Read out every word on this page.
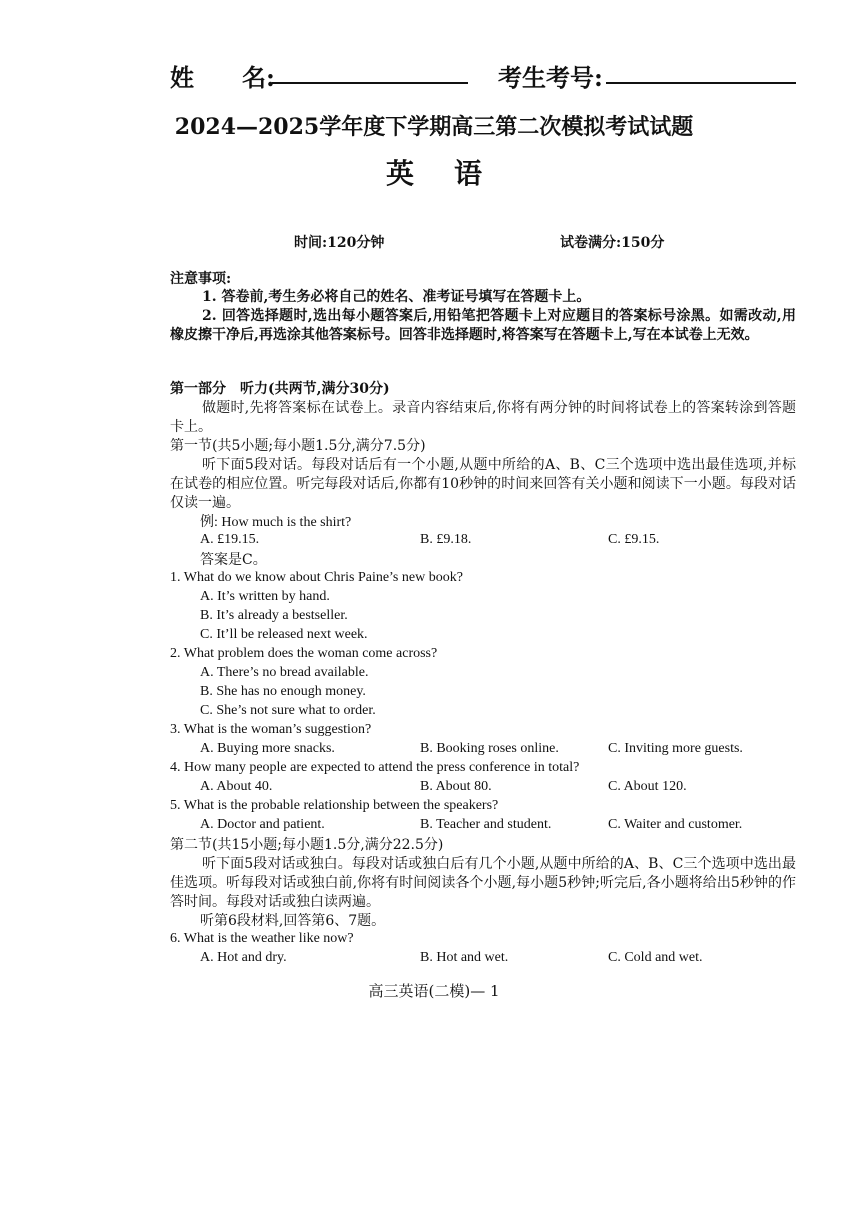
姓　　名:	考生考号:
2024—2025学年度下学期高三第二次模拟考试试题
英语
时间:120分钟	试卷满分:150分
注意事项:
1. 答卷前,考生务必将自己的姓名、准考证号填写在答题卡上。
2. 回答选择题时,选出每小题答案后,用铅笔把答题卡上对应题目的答案标号涂黑。如需改动,用橡皮擦干净后,再选涂其他答案标号。回答非选择题时,将答案写在答题卡上,写在本试卷上无效。
第一部分　听力(共两节,满分30分)
做题时,先将答案标在试卷上。录音内容结束后,你将有两分钟的时间将试卷上的答案转涂到答题卡上。
第一节(共5小题;每小题1.5分,满分7.5分)
听下面5段对话。每段对话后有一个小题,从题中所给的A、B、C三个选项中选出最佳选项,并标在试卷的相应位置。听完每段对话后,你都有10秒钟的时间来回答有关小题和阅读下一小题。每段对话仅读一遍。
例: How much is the shirt?
A. £19.15.	B. £9.18.	C. £9.15.
答案是C。
1. What do we know about Chris Paine’s new book?
A. It’s written by hand.
B. It’s already a bestseller.
C. It’ll be released next week.
2. What problem does the woman come across?
A. There’s no bread available.
B. She has no enough money.
C. She’s not sure what to order.
3. What is the woman’s suggestion?
A. Buying more snacks.	B. Booking roses online.	C. Inviting more guests.
4. How many people are expected to attend the press conference in total?
A. About 40.	B. About 80.	C. About 120.
5. What is the probable relationship between the speakers?
A. Doctor and patient.	B. Teacher and student.	C. Waiter and customer.
第二节(共15小题;每小题1.5分,满分22.5分)
听下面5段对话或独白。每段对话或独白后有几个小题,从题中所给的A、B、C三个选项中选出最佳选项。听每段对话或独白前,你将有时间阅读各个小题,每小题5秒钟;听完后,各小题将给出5秒钟的作答时间。每段对话或独白读两遍。
听第6段材料,回答第6、7题。
6. What is the weather like now?
A. Hot and dry.	B. Hot and wet.	C. Cold and wet.
高三英语(二模)— 1
